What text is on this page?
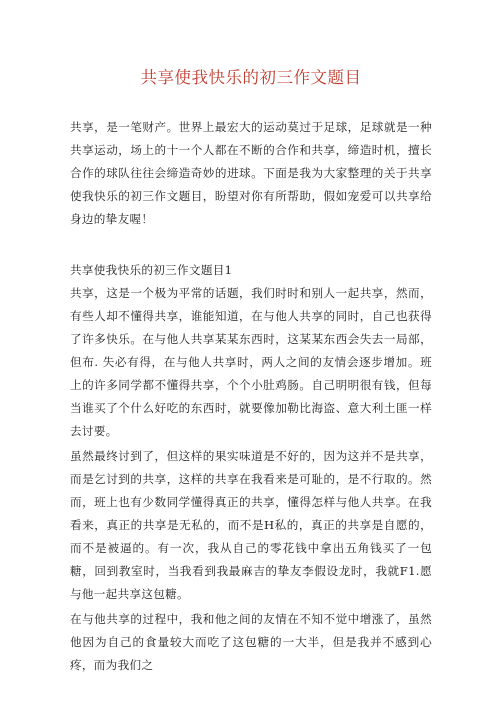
共享使我快乐的初三作文题目

共享，是一笔财产。世界上最宏大的运动莫过于足球，足球就是一种共享运动，场上的十一个人都在不断的合作和共享，缔造时机，擅长合作的球队往往会缔造奇妙的进球。下面是我为大家整理的关于共享使我快乐的初三作文题目，盼望对你有所帮助，假如宠爱可以共享给身边的挚友喔！

共享使我快乐的初三作文题目1

共享，这是一个极为平常的话题，我们时时和别人一起共享，然而，有些人却不懂得共享，谁能知道，在与他人共享的同时，自己也获得了许多快乐。在与他人共享某某东西时，这某某东西会失去一局部，但布. 失必有得，在与他人共享时，两人之间的友情会逐步增加。班上的许多同学都不懂得共享，个个小肚鸡肠。自己明明很有钱，但每当谁买了个什么好吃的东西时，就要像加勒比海盗、意大利土匪一样去讨要。

虽然最终讨到了，但这样的果实味道是不好的，因为这并不是共享，而是乞讨到的共享，这样的共享在我看来是可耻的，是不行取的。然而，班上也有少数同学懂得真正的共享，懂得怎样与他人共享。在我看来，真正的共享是无私的，而不是H私的，真正的共享是自愿的，而不是被逼的。有一次，我从自己的零花钱中拿出五角钱买了一包糖，回到教室时，当我看到我最麻吉的挚友李假设龙时，我就F1.愿与他一起共享这包糖。

在与他共享的过程中，我和他之间的友情在不知不觉中增涨了，虽然他因为自己的食量较大而吃了这包糖的一大半，但是我并不感到心疼，而为我们之
